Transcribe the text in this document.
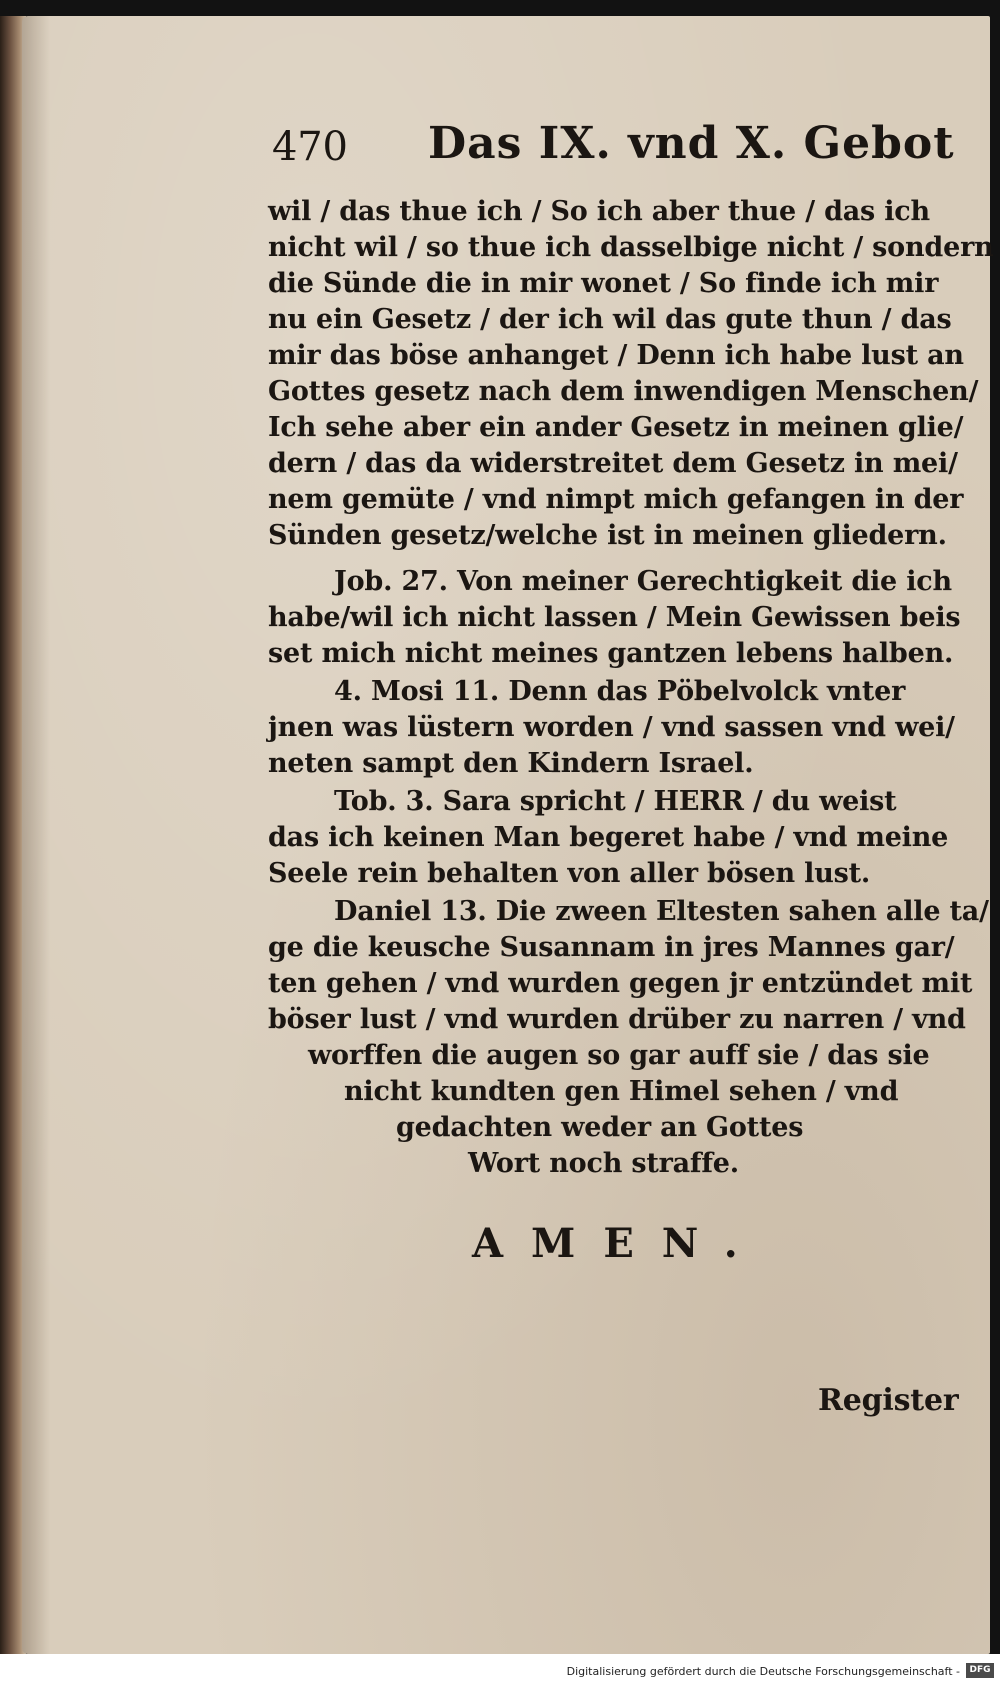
470 Das IX. vnd X. Gebot
wil / das thue ich / So ich aber thue / das ich
nicht wil / so thue ich dasselbige nicht / sondern
die Sünde die in mir wonet / So finde ich mir
nu ein Gesetz / der ich wil das gute thun / das
mir das böse anhanget / Denn ich habe lust an
Gottes gesetz nach dem inwendigen Menschen/
Ich sehe aber ein ander Gesetz in meinen glie/
dern / das da widerstreitet dem Gesetz in mei/
nem gemüte / vnd nimpt mich gefangen in der
Sünden gesetz/welche ist in meinen gliedern.
Job. 27. Von meiner Gerechtigkeit die ich
habe/wil ich nicht lassen / Mein Gewissen beis
set mich nicht meines gantzen lebens halben.
4. Mosi 11. Denn das Pöbelvolck vnter
jnen was lüstern worden / vnd sassen vnd wei/
neten sampt den Kindern Israel.
Tob. 3. Sara spricht / HERR / du weist
das ich keinen Man begeret habe / vnd meine
Seele rein behalten von aller bösen lust.
Daniel 13. Die zween Eltesten sahen alle ta/
ge die keusche Susannam in jres Mannes gar/
ten gehen / vnd wurden gegen jr entzündet mit
böser lust / vnd wurden drüber zu narren / vnd
worffen die augen so gar auff sie / das sie
nicht kundten gen Himel sehen / vnd
gedachten weder an Gottes
Wort noch straffe.
AMEN.
Register
Digitalisierung gefördert durch die Deutsche Forschungsgemeinschaft -	DFG
